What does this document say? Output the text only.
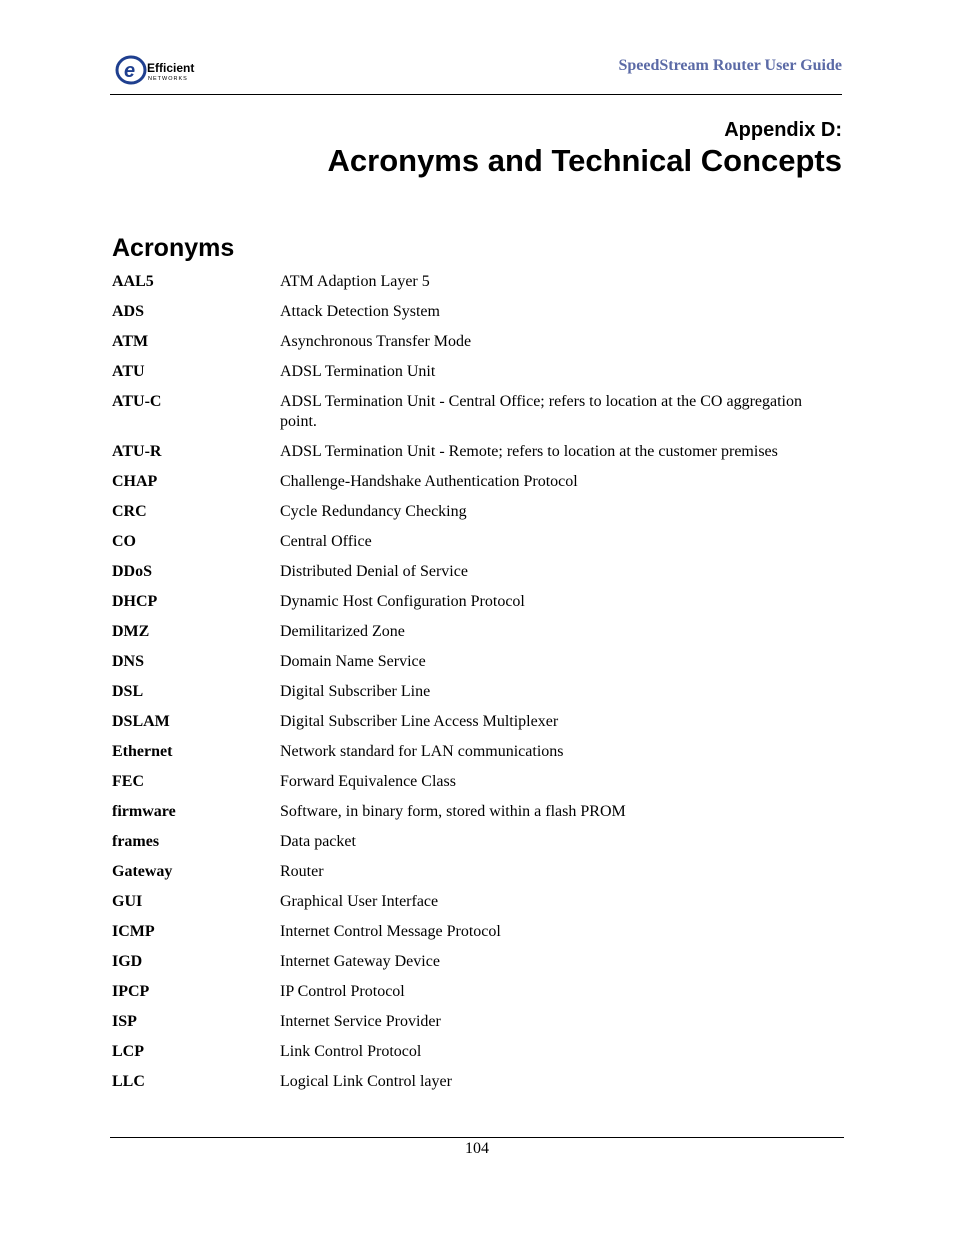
e Efficient
NETWORKS
SpeedStream Router User Guide
Appendix D:
Acronyms and Technical Concepts
Acronyms
AAL5	ATM Adaption Layer 5
ADS	Attack Detection System
ATM	Asynchronous Transfer Mode
ATU	ADSL Termination Unit
ATU-C	ADSL Termination Unit - Central Office; refers to location at the CO aggregation point.
ATU-R	ADSL Termination Unit - Remote; refers to location at the customer premises
CHAP	Challenge-Handshake Authentication Protocol
CRC	Cycle Redundancy Checking
CO	Central Office
DDoS	Distributed Denial of Service
DHCP	Dynamic Host Configuration Protocol
DMZ	Demilitarized Zone
DNS	Domain Name Service
DSL	Digital Subscriber Line
DSLAM	Digital Subscriber Line Access Multiplexer
Ethernet	Network standard for LAN communications
FEC	Forward Equivalence Class
firmware	Software, in binary form, stored within a flash PROM
frames	Data packet
Gateway	Router
GUI	Graphical User Interface
ICMP	Internet Control Message Protocol
IGD	Internet Gateway Device
IPCP	IP Control Protocol
ISP	Internet Service Provider
LCP	Link Control Protocol
LLC	Logical Link Control layer
104
